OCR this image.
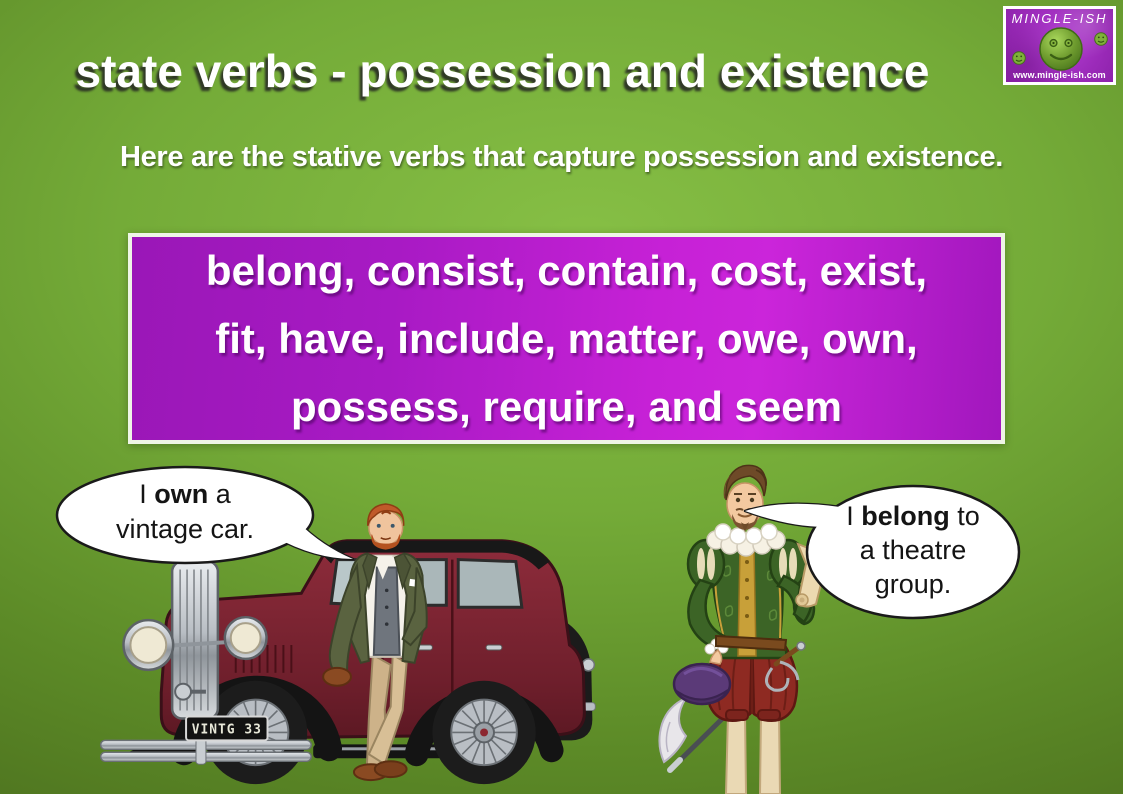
state verbs - possession and existence
MINGLE-ISH
www.mingle-ish.com
Here are the stative verbs that capture possession and existence.
belong, consist, contain, cost, exist,
fit, have, include, matter, owe, own,
possess, require, and seem
VINTG 33
I own a
vintage car.	I belong to
a theatre
group.
